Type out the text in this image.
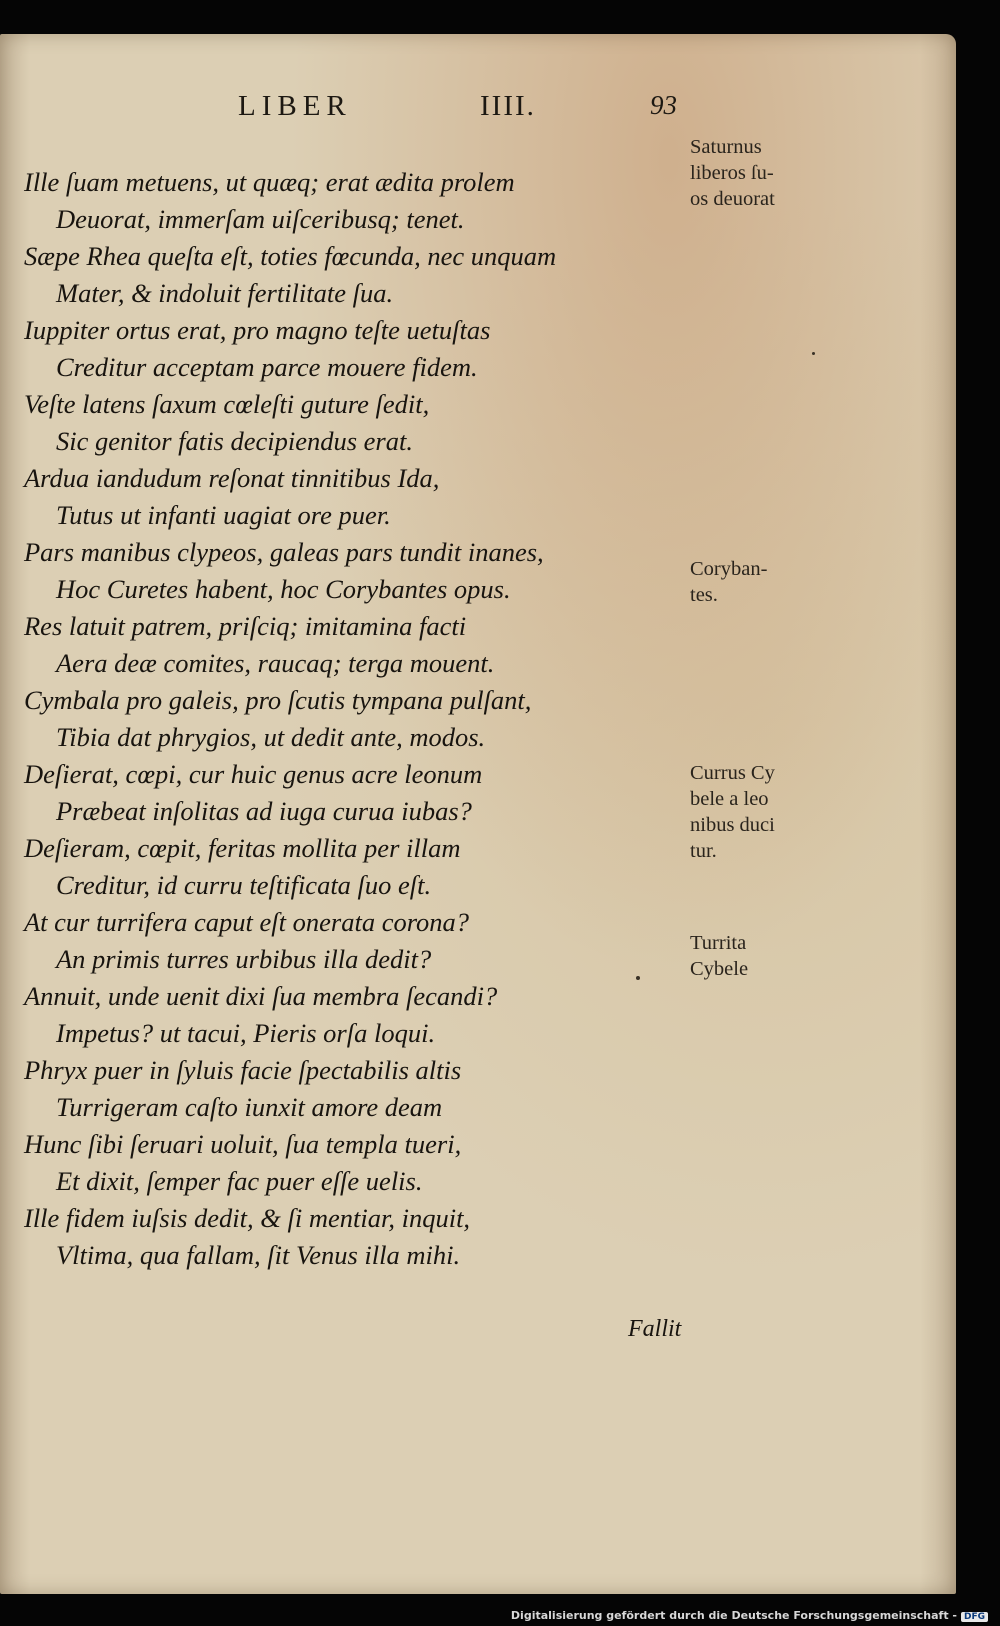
LIBER	IIII.	93
Ille ſuam metuens, ut quæq; erat ædita prolem
Deuorat, immerſam uiſceribusq; tenet.
Sæpe Rhea queſta eſt, toties fœcunda, nec unquam
Mater, & indoluit fertilitate ſua.
Iuppiter ortus erat, pro magno teſte uetuſtas
Creditur acceptam parce mouere fidem.
Veſte latens ſaxum cœleſti guture ſedit,
Sic genitor fatis decipiendus erat.
Ardua iandudum reſonat tinnitibus Ida,
Tutus ut infanti uagiat ore puer.
Pars manibus clypeos, galeas pars tundit inanes,
Hoc Curetes habent, hoc Corybantes opus.
Res latuit patrem, priſciq; imitamina facti
Aera deæ comites, raucaq; terga mouent.
Cymbala pro galeis, pro ſcutis tympana pulſant,
Tibia dat phrygios, ut dedit ante, modos.
Deſierat, cœpi, cur huic genus acre leonum
Præbeat inſolitas ad iuga curua iubas?
Deſieram, cœpit, feritas mollita per illam
Creditur, id curru teſtificata ſuo eſt.
At cur turrifera caput eſt onerata corona?
An primis turres urbibus illa dedit?
Annuit, unde uenit dixi ſua membra ſecandi?
Impetus? ut tacui, Pieris orſa loqui.
Phryx puer in ſyluis facie ſpectabilis altis
Turrigeram caſto iunxit amore deam
Hunc ſibi ſeruari uoluit, ſua templa tueri,
Et dixit, ſemper fac puer eſſe uelis.
Ille fidem iuſsis dedit, & ſi mentiar, inquit,
Vltima, qua fallam, ſit Venus illa mihi.
Saturnus
liberos ſu-
os deuorat
Coryban-
tes.
Currus Cy
bele a leo
nibus duci
tur.
Turrita
Cybele
Fallit
Digitalisierung gefördert durch die Deutsche Forschungsgemeinschaft - DFG
